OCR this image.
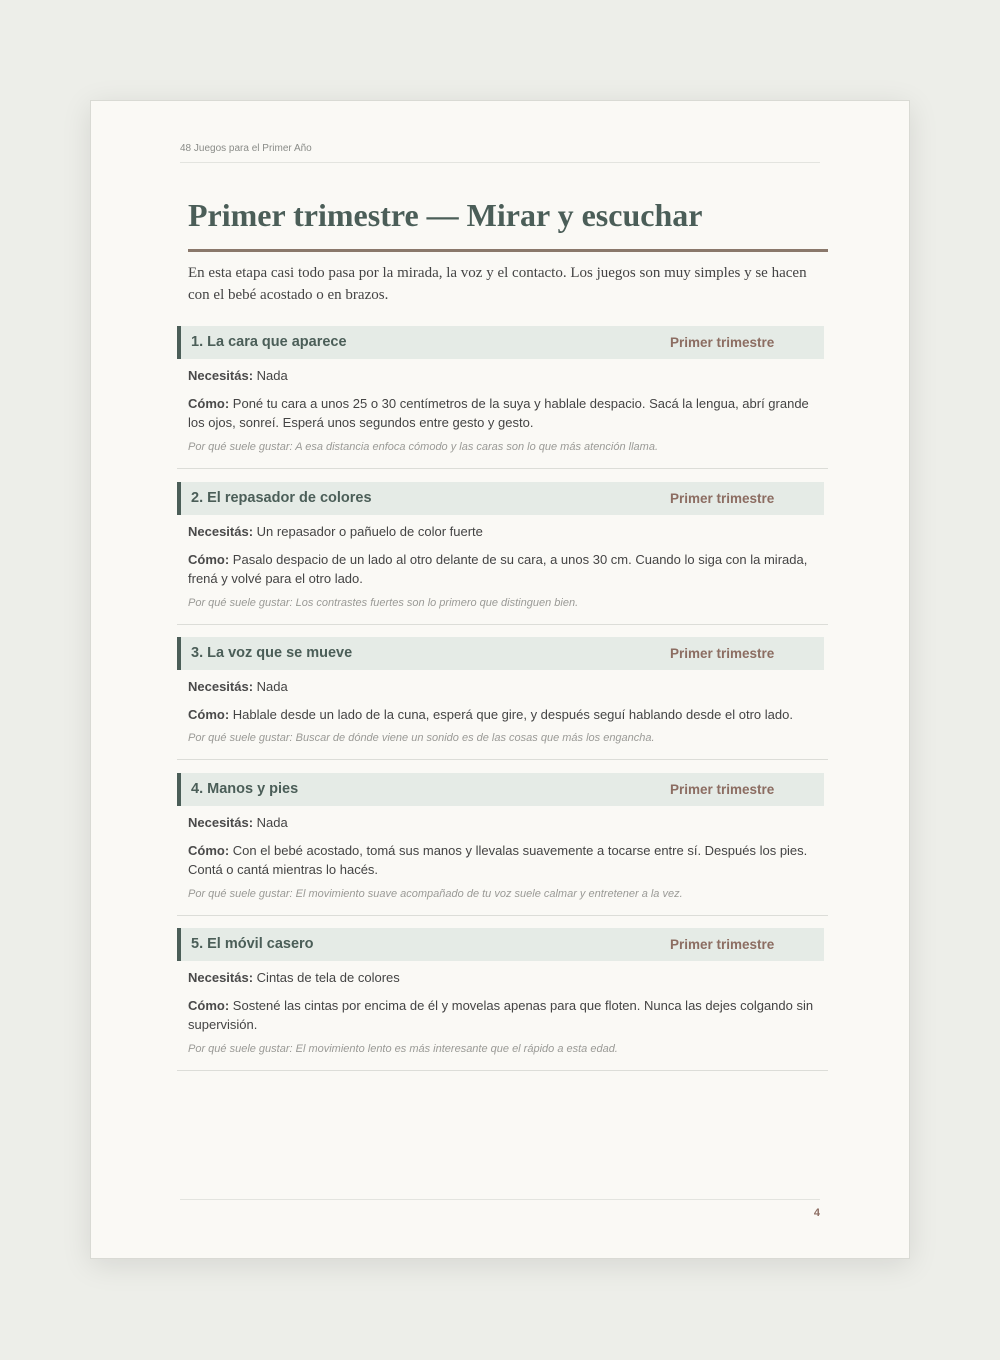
48 Juegos para el Primer Año
Primer trimestre — Mirar y escuchar

En esta etapa casi todo pasa por la mirada, la voz y el contacto. Los juegos son muy simples y se hacen con el bebé acostado o en brazos.

1. La cara que aparece	Primer trimestre

Necesitás: Nada

Cómo: Poné tu cara a unos 25 o 30 centímetros de la suya y hablale despacio. Sacá la lengua, abrí grande los ojos, sonreí. Esperá unos segundos entre gesto y gesto.

Por qué suele gustar: A esa distancia enfoca cómodo y las caras son lo que más atención llama.

2. El repasador de colores	Primer trimestre

Necesitás: Un repasador o pañuelo de color fuerte

Cómo: Pasalo despacio de un lado al otro delante de su cara, a unos 30 cm. Cuando lo siga con la mirada, frená y volvé para el otro lado.

Por qué suele gustar: Los contrastes fuertes son lo primero que distinguen bien.

3. La voz que se mueve	Primer trimestre

Necesitás: Nada

Cómo: Hablale desde un lado de la cuna, esperá que gire, y después seguí hablando desde el otro lado.

Por qué suele gustar: Buscar de dónde viene un sonido es de las cosas que más los engancha.

4. Manos y pies	Primer trimestre

Necesitás: Nada

Cómo: Con el bebé acostado, tomá sus manos y llevalas suavemente a tocarse entre sí. Después los pies. Contá o cantá mientras lo hacés.

Por qué suele gustar: El movimiento suave acompañado de tu voz suele calmar y entretener a la vez.

5. El móvil casero	Primer trimestre

Necesitás: Cintas de tela de colores

Cómo: Sostené las cintas por encima de él y movelas apenas para que floten. Nunca las dejes colgando sin supervisión.

Por qué suele gustar: El movimiento lento es más interesante que el rápido a esta edad.

4
